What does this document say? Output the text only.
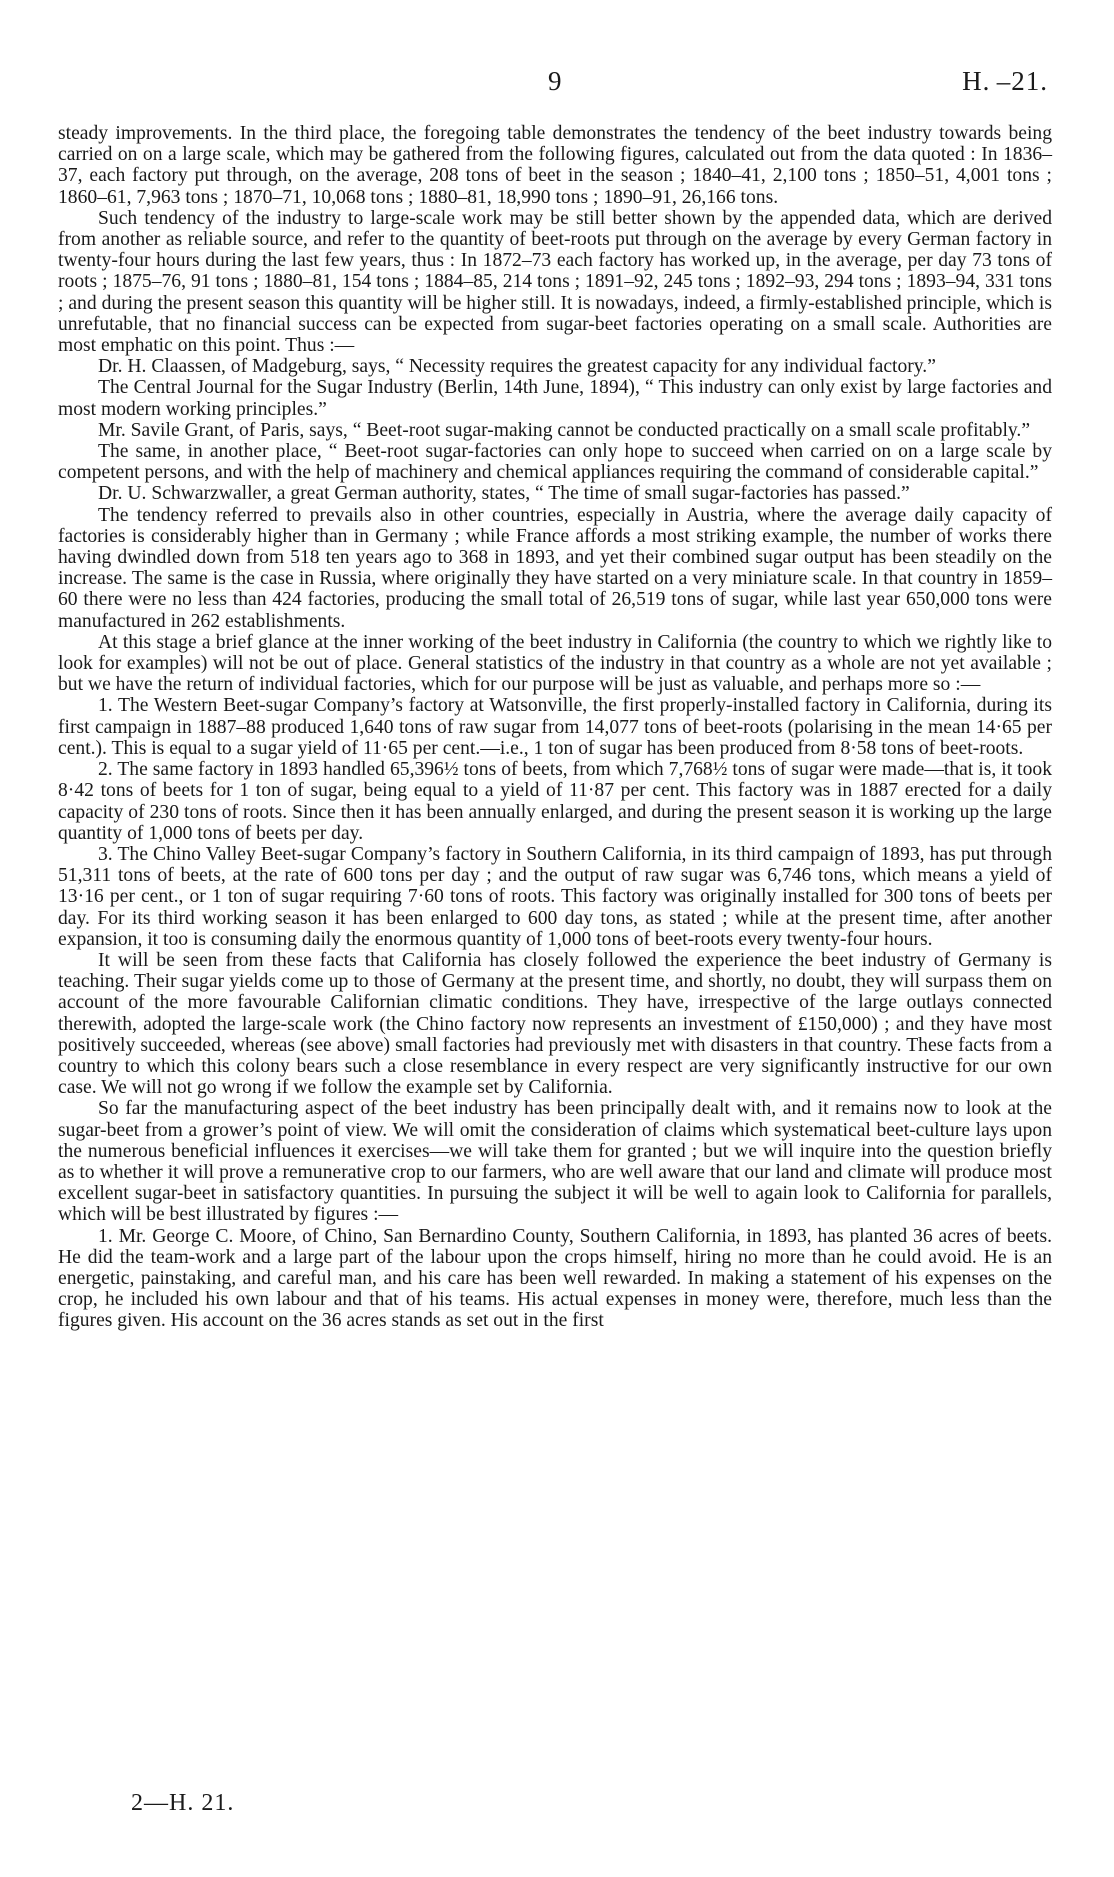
9	H. –21.

steady improvements. In the third place, the foregoing table demonstrates the tendency of the beet industry towards being carried on on a large scale, which may be gathered from the following figures, calculated out from the data quoted : In 1836–37, each factory put through, on the average, 208 tons of beet in the season ; 1840–41, 2,100 tons ; 1850–51, 4,001 tons ; 1860–61, 7,963 tons ; 1870–71, 10,068 tons ; 1880–81, 18,990 tons ; 1890–91, 26,166 tons.

Such tendency of the industry to large-scale work may be still better shown by the appended data, which are derived from another as reliable source, and refer to the quantity of beet-roots put through on the average by every German factory in twenty-four hours during the last few years, thus : In 1872–73 each factory has worked up, in the average, per day 73 tons of roots ; 1875–76, 91 tons ; 1880–81, 154 tons ; 1884–85, 214 tons ; 1891–92, 245 tons ; 1892–93, 294 tons ; 1893–94, 331 tons ; and during the present season this quantity will be higher still. It is nowadays, indeed, a firmly-established principle, which is unrefutable, that no financial success can be expected from sugar-beet factories operating on a small scale. Authorities are most emphatic on this point. Thus :—

Dr. H. Claassen, of Madgeburg, says, “ Necessity requires the greatest capacity for any individual factory.”

The Central Journal for the Sugar Industry (Berlin, 14th June, 1894), “ This industry can only exist by large factories and most modern working principles.”

Mr. Savile Grant, of Paris, says, “ Beet-root sugar-making cannot be conducted practically on a small scale profitably.”

The same, in another place, “ Beet-root sugar-factories can only hope to succeed when carried on on a large scale by competent persons, and with the help of machinery and chemical appliances requiring the command of considerable capital.”

Dr. U. Schwarzwaller, a great German authority, states, “ The time of small sugar-factories has passed.”

The tendency referred to prevails also in other countries, especially in Austria, where the average daily capacity of factories is considerably higher than in Germany ; while France affords a most striking example, the number of works there having dwindled down from 518 ten years ago to 368 in 1893, and yet their combined sugar output has been steadily on the increase. The same is the case in Russia, where originally they have started on a very miniature scale. In that country in 1859–60 there were no less than 424 factories, producing the small total of 26,519 tons of sugar, while last year 650,000 tons were manufactured in 262 establishments.

At this stage a brief glance at the inner working of the beet industry in California (the country to which we rightly like to look for examples) will not be out of place. General statistics of the industry in that country as a whole are not yet available ; but we have the return of individual factories, which for our purpose will be just as valuable, and perhaps more so :—

1. The Western Beet-sugar Company’s factory at Watsonville, the first properly-installed factory in California, during its first campaign in 1887–88 produced 1,640 tons of raw sugar from 14,077 tons of beet-roots (polarising in the mean 14·65 per cent.). This is equal to a sugar yield of 11·65 per cent.—i.e., 1 ton of sugar has been produced from 8·58 tons of beet-roots.

2. The same factory in 1893 handled 65,396½ tons of beets, from which 7,768½ tons of sugar were made—that is, it took 8·42 tons of beets for 1 ton of sugar, being equal to a yield of 11·87 per cent. This factory was in 1887 erected for a daily capacity of 230 tons of roots. Since then it has been annually enlarged, and during the present season it is working up the large quantity of 1,000 tons of beets per day.

3. The Chino Valley Beet-sugar Company’s factory in Southern California, in its third campaign of 1893, has put through 51,311 tons of beets, at the rate of 600 tons per day ; and the output of raw sugar was 6,746 tons, which means a yield of 13·16 per cent., or 1 ton of sugar requiring 7·60 tons of roots. This factory was originally installed for 300 tons of beets per day. For its third working season it has been enlarged to 600 day tons, as stated ; while at the present time, after another expansion, it too is consuming daily the enormous quantity of 1,000 tons of beet-roots every twenty-four hours.

It will be seen from these facts that California has closely followed the experience the beet industry of Germany is teaching. Their sugar yields come up to those of Germany at the present time, and shortly, no doubt, they will surpass them on account of the more favourable Californian climatic conditions. They have, irrespective of the large outlays connected therewith, adopted the large-scale work (the Chino factory now represents an investment of £150,000) ; and they have most positively succeeded, whereas (see above) small factories had previously met with disasters in that country. These facts from a country to which this colony bears such a close resemblance in every respect are very significantly instructive for our own case. We will not go wrong if we follow the example set by California.

So far the manufacturing aspect of the beet industry has been principally dealt with, and it remains now to look at the sugar-beet from a grower’s point of view. We will omit the consideration of claims which systematical beet-culture lays upon the numerous beneficial influences it exercises—we will take them for granted ; but we will inquire into the question briefly as to whether it will prove a remunerative crop to our farmers, who are well aware that our land and climate will produce most excellent sugar-beet in satisfactory quantities. In pursuing the subject it will be well to again look to California for parallels, which will be best illustrated by figures :—

1. Mr. George C. Moore, of Chino, San Bernardino County, Southern California, in 1893, has planted 36 acres of beets. He did the team-work and a large part of the labour upon the crops himself, hiring no more than he could avoid. He is an energetic, painstaking, and careful man, and his care has been well rewarded. In making a statement of his expenses on the crop, he included his own labour and that of his teams. His actual expenses in money were, therefore, much less than the figures given. His account on the 36 acres stands as set out in the first

2—H. 21.
